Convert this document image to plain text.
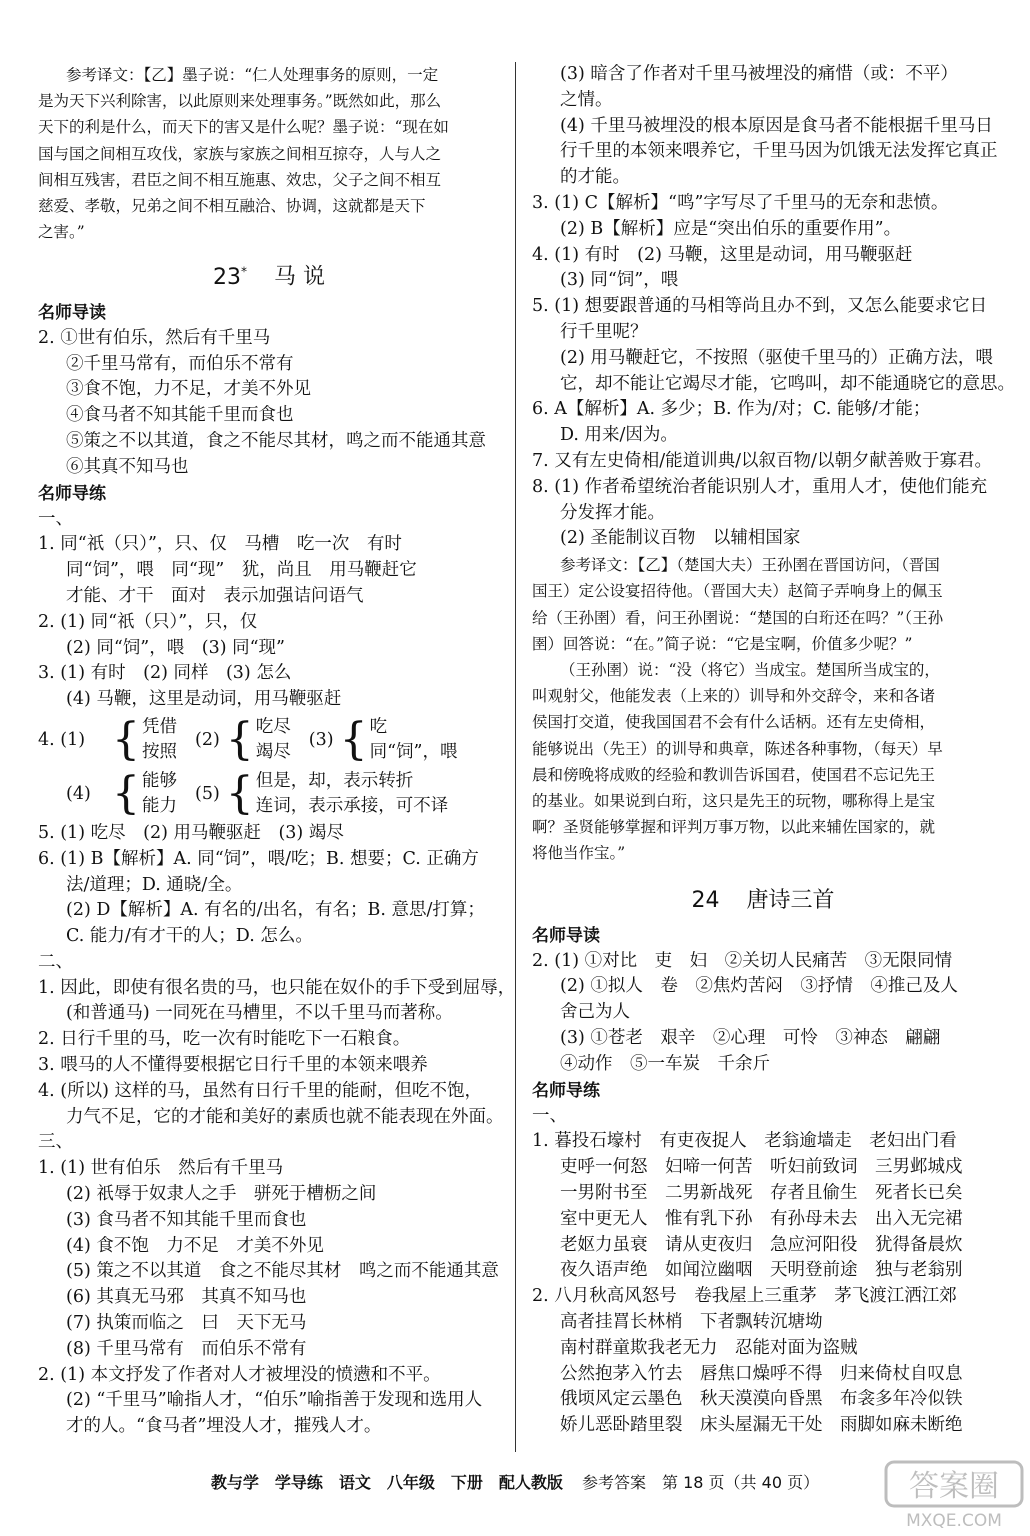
参考译文：【乙】墨子说：“仁人处理事务的原则，一定
是为天下兴利除害，以此原则来处理事务。”既然如此，那么
天下的利是什么，而天下的害又是什么呢？墨子说：“现在如
国与国之间相互攻伐，家族与家族之间相互掠夺，人与人之
间相互残害，君臣之间不相互施惠、效忠，父子之间不相互
慈爱、孝敬，兄弟之间不相互融洽、协调，这就都是天下
之害。”
23* 马 说
名师导读
2. ①世有伯乐，然后有千里马
②千里马常有，而伯乐不常有
③食不饱，力不足，才美不外见
④食马者不知其能千里而食也
⑤策之不以其道，食之不能尽其材，鸣之而不能通其意
⑥其真不知马也
名师导练
一、
1. 同“祇（只）”，只、仅　马槽　吃一次　有时
同“饲”，喂　同“现”　犹，尚且　用马鞭赶它
才能、才干　面对　表示加强诘问语气
2. (1) 同“祇（只）”，只，仅
(2) 同“饲”，喂　(3) 同“现”
3. (1) 有时　(2) 同样　(3) 怎么
(4) 马鞭，这里是动词，用马鞭驱赶
4. (1) { 凭借
按照
(2) { 吃尽
竭尽
(3) { 吃
同“饲”，喂
(4) { 能够
能力
(5) { 但是，却，表示转折
连词，表示承接，可不译
5. (1) 吃尽　(2) 用马鞭驱赶　(3) 竭尽
6. (1) B【解析】A. 同“饲”，喂/吃；B. 想要；C. 正确方
法/道理；D. 通晓/全。
(2) D【解析】A. 有名的/出名，有名；B. 意思/打算；
C. 能力/有才干的人；D. 怎么。
二、
1. 因此，即使有很名贵的马，也只能在奴仆的手下受到屈辱，
(和普通马) 一同死在马槽里，不以千里马而著称。
2. 日行千里的马，吃一次有时能吃下一石粮食。
3. 喂马的人不懂得要根据它日行千里的本领来喂养
4. (所以) 这样的马，虽然有日行千里的能耐，但吃不饱，
力气不足，它的才能和美好的素质也就不能表现在外面。
三、
1. (1) 世有伯乐　然后有千里马
(2) 祇辱于奴隶人之手　骈死于槽枥之间
(3) 食马者不知其能千里而食也
(4) 食不饱　力不足　才美不外见
(5) 策之不以其道　食之不能尽其材　鸣之而不能通其意
(6) 其真无马邪　其真不知马也
(7) 执策而临之　曰　天下无马
(8) 千里马常有　而伯乐不常有
2. (1) 本文抒发了作者对人才被埋没的愤懑和不平。
(2) “千里马”喻指人才，“伯乐”喻指善于发现和选用人
才的人。“食马者”埋没人才，摧残人才。
(3) 暗含了作者对千里马被埋没的痛惜（或：不平）
之情。
(4) 千里马被埋没的根本原因是食马者不能根据千里马日
行千里的本领来喂养它，千里马因为饥饿无法发挥它真正
的才能。
3. (1) C【解析】“鸣”字写尽了千里马的无奈和悲愤。
(2) B【解析】应是“突出伯乐的重要作用”。
4. (1) 有时　(2) 马鞭，这里是动词，用马鞭驱赶
(3) 同“饲”，喂
5. (1) 想要跟普通的马相等尚且办不到，又怎么能要求它日
行千里呢？
(2) 用马鞭赶它，不按照（驱使千里马的）正确方法，喂
它，却不能让它竭尽才能，它鸣叫，却不能通晓它的意思。
6. A【解析】A. 多少；B. 作为/对；C. 能够/才能；
D. 用来/因为。
7. 又有左史倚相/能道训典/以叙百物/以朝夕献善败于寡君。
8. (1) 作者希望统治者能识别人才，重用人才，使他们能充
分发挥才能。
(2) 圣能制议百物　以辅相国家
参考译文：【乙】（楚国大夫）王孙圉在晋国访问，（晋国
国王）定公设宴招待他。（晋国大夫）赵简子弄响身上的佩玉
给（王孙圉）看，问王孙圉说：“楚国的白珩还在吗？”（王孙
圉）回答说：“在。”简子说：“它是宝啊，价值多少呢？”
（王孙圉）说：“没（将它）当成宝。楚国所当成宝的，
叫观射父，他能发表（上来的）训导和外交辞令，来和各诸
侯国打交道，使我国国君不会有什么话柄。还有左史倚相，
能够说出（先王）的训导和典章，陈述各种事物，（每天）早
晨和傍晚将成败的经验和教训告诉国君，使国君不忘记先王
的基业。如果说到白珩，这只是先王的玩物，哪称得上是宝
啊？圣贤能够掌握和评判万事万物，以此来辅佐国家的，就
将他当作宝。”
24 唐诗三首
名师导读
2. (1) ①对比　吏　妇　②关切人民痛苦　③无限同情
(2) ①拟人　卷　②焦灼苦闷　③抒情　④推己及人
舍己为人
(3) ①苍老　艰辛　②心理　可怜　③神态　翩翩
④动作　⑤一车炭　千余斤
名师导练
一、
1. 暮投石壕村　有吏夜捉人　老翁逾墙走　老妇出门看
吏呼一何怒　妇啼一何苦　听妇前致词　三男邺城戍
一男附书至　二男新战死　存者且偷生　死者长已矣
室中更无人　惟有乳下孙　有孙母未去　出入无完裙
老妪力虽衰　请从吏夜归　急应河阳役　犹得备晨炊
夜久语声绝　如闻泣幽咽　天明登前途　独与老翁别
2. 八月秋高风怒号　卷我屋上三重茅　茅飞渡江洒江郊
高者挂罥长林梢　下者飘转沉塘坳
南村群童欺我老无力　忍能对面为盗贼
公然抱茅入竹去　唇焦口燥呼不得　归来倚杖自叹息
俄顷风定云墨色　秋天漠漠向昏黑　布衾多年冷似铁
娇儿恶卧踏里裂　床头屋漏无干处　雨脚如麻未断绝
教与学　学导练　语文　八年级　下册　配人教版 参考答案　第 18 页（共 40 页）	答案圈
MXQE.COM
